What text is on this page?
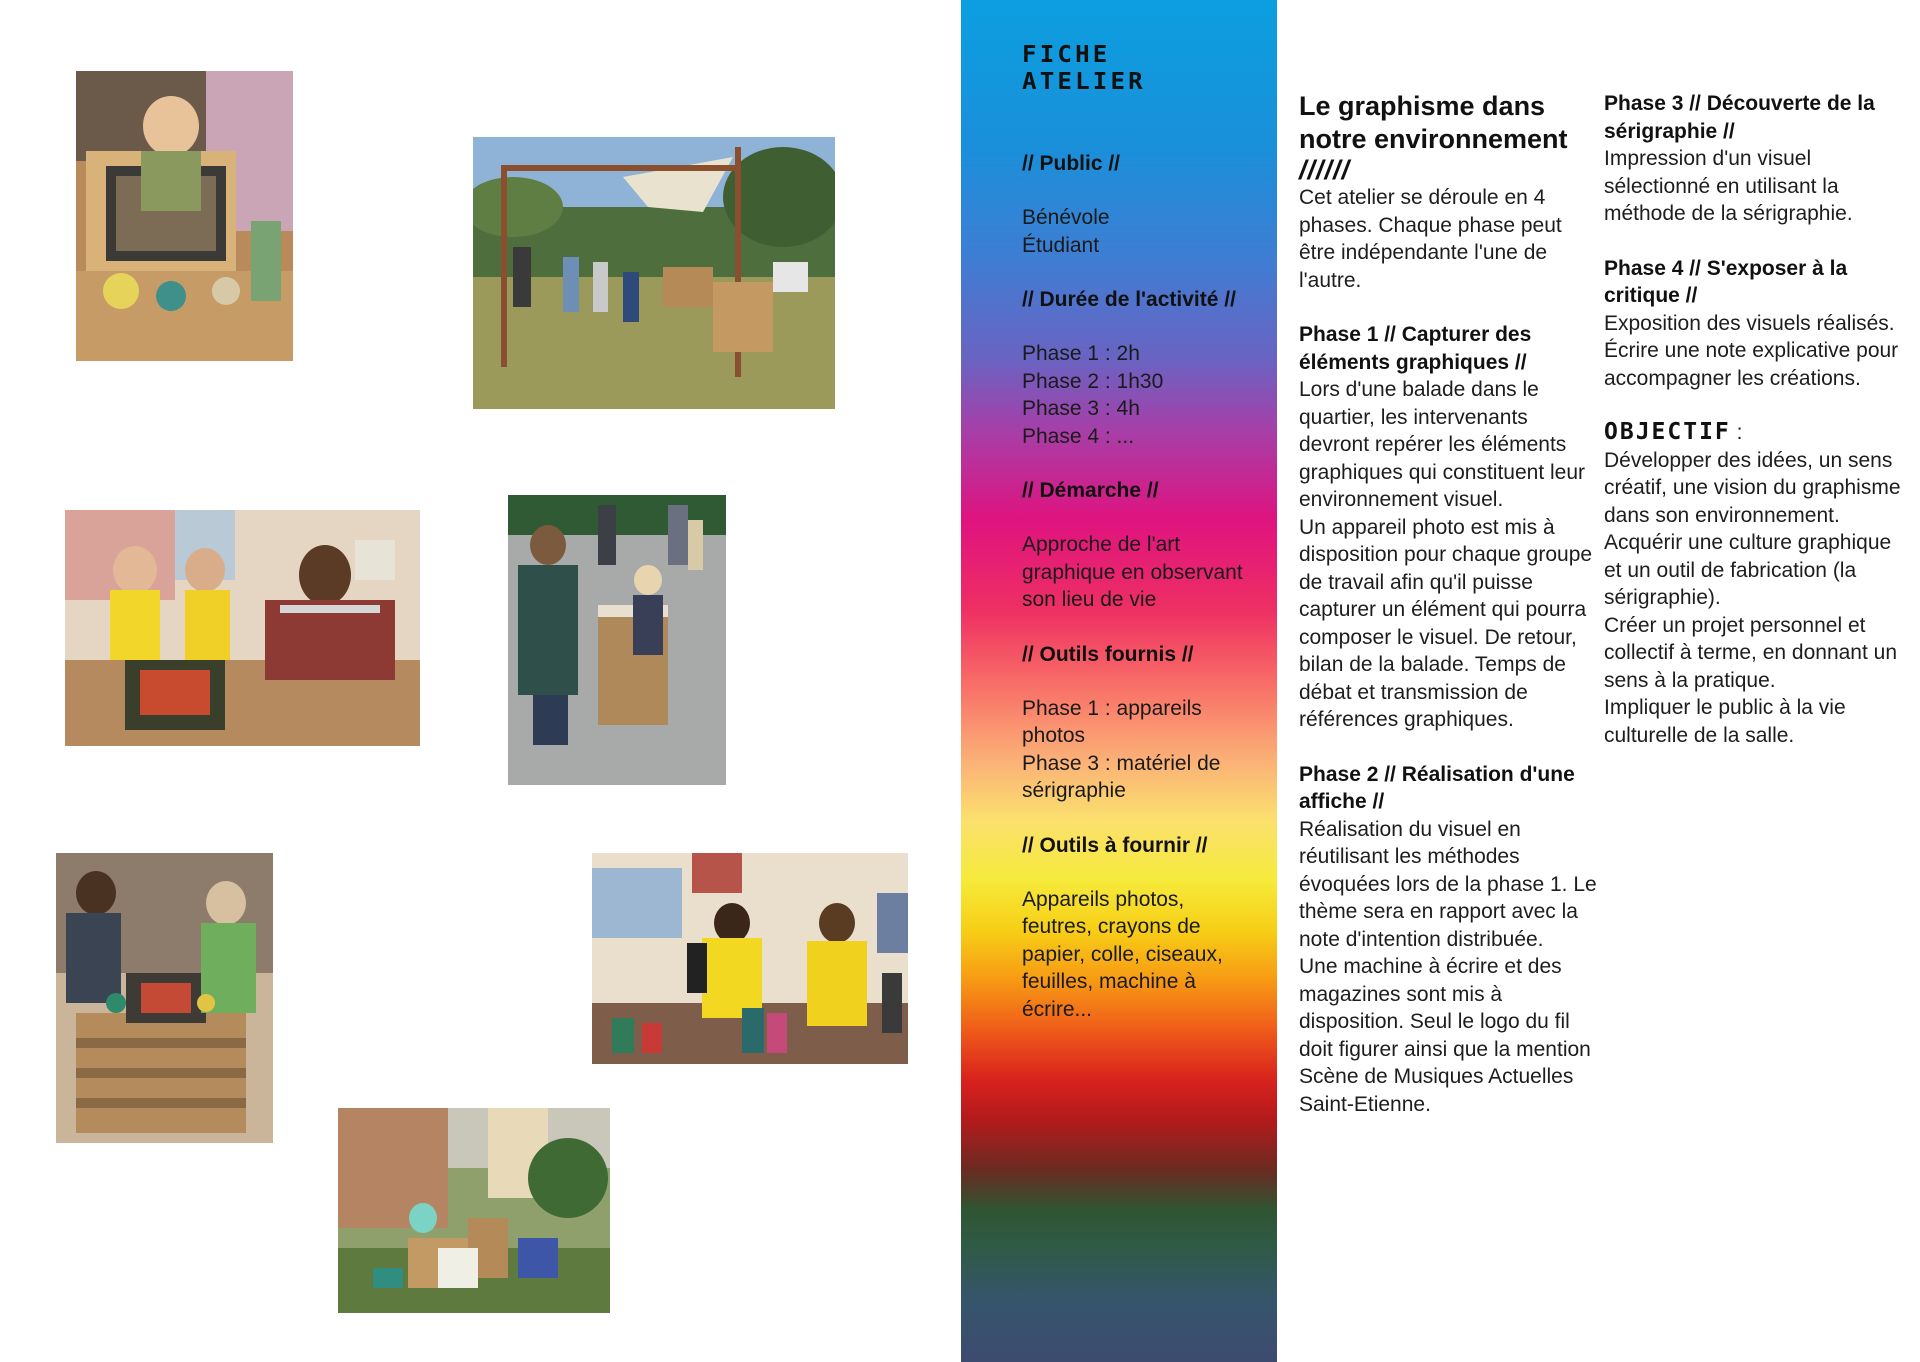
FICHE
ATELIER
// Public //
Bénévole
Étudiant
// Durée de l'activité //
Phase 1 : 2h
Phase 2 : 1h30
Phase 3 : 4h
Phase 4 : ...
// Démarche //
Approche de l'art graphique en observant son lieu de vie
// Outils fournis //
Phase 1 : appareils photos
Phase 3 : matériel de sérigraphie
// Outils à fournir //
Appareils photos, feutres, crayons de papier, colle, ciseaux, feuilles, machine à écrire...
Le graphisme dans notre environnement
//////
Cet atelier se déroule en 4 phases. Chaque phase peut être indépendante l'une de l'autre.
Phase 1 // Capturer des éléments graphiques //
Lors d'une balade dans le quartier, les intervenants devront repérer les éléments graphiques qui constituent leur environnement visuel.
Un appareil photo est mis à disposition pour chaque groupe de travail afin qu'il puisse capturer un élément qui pourra composer le visuel. De retour, bilan de la balade. Temps de débat et transmission de références graphiques.
Phase 2 // Réalisation d'une affiche //
Réalisation du visuel en réutilisant les méthodes évoquées lors de la phase 1. Le thème sera en rapport avec la note d'intention distribuée.
Une machine à écrire et des magazines sont mis à disposition. Seul le logo du fil doit figurer ainsi que la mention Scène de Musiques Actuelles Saint-Etienne.
Phase 3 // Découverte de la sérigraphie //
Impression d'un visuel sélectionné en utilisant la méthode de la sérigraphie.
Phase 4 // S'exposer à la critique //
Exposition des visuels réalisés. Écrire une note explicative pour accompagner les créations.
OBJECTIF :
Développer des idées, un sens créatif, une vision du graphisme dans son environnement.
Acquérir une culture graphique et un outil de fabrication (la sérigraphie).
Créer un projet personnel et collectif à terme, en donnant un sens à la pratique.
Impliquer le public à la vie culturelle de la salle.
